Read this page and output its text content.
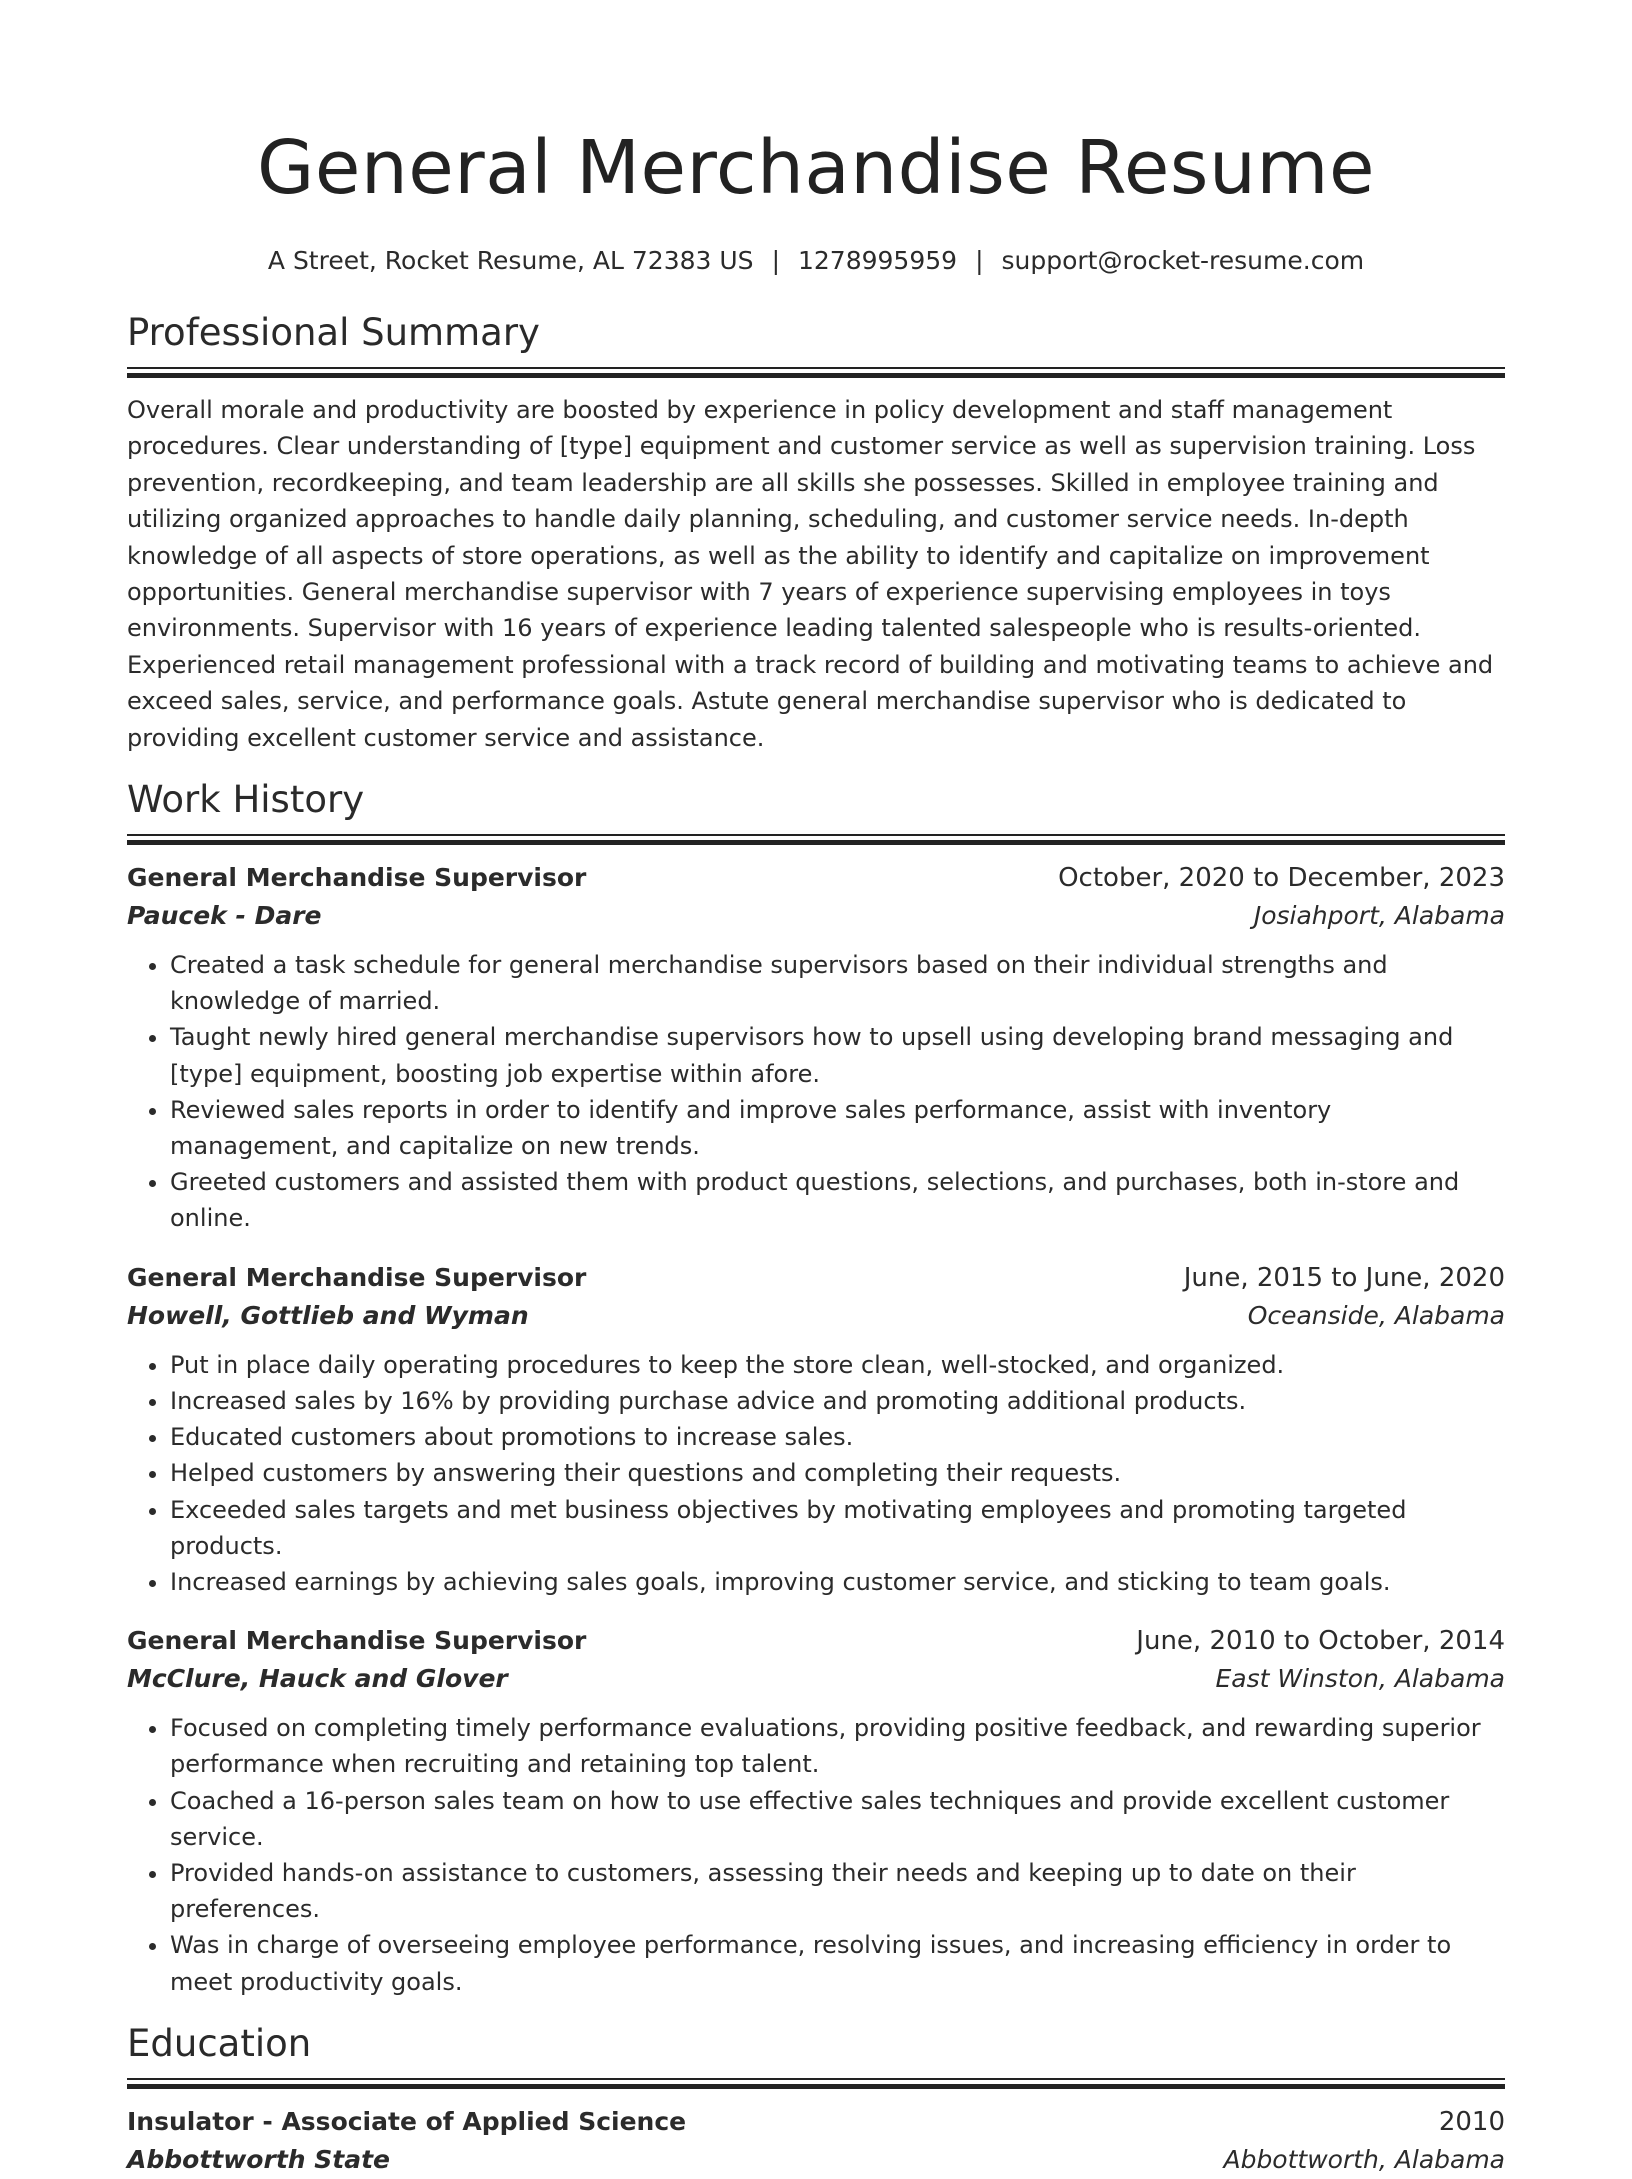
General Merchandise Resume
A Street, Rocket Resume, AL 72383 US | 1278995959 | support@rocket-resume.com
Professional Summary
Overall morale and productivity are boosted by experience in policy development and staff management procedures. Clear understanding of [type] equipment and customer service as well as supervision training. Loss prevention, recordkeeping, and team leadership are all skills she possesses. Skilled in employee training and utilizing organized approaches to handle daily planning, scheduling, and customer service needs. In-depth knowledge of all aspects of store operations, as well as the ability to identify and capitalize on improvement opportunities. General merchandise supervisor with 7 years of experience supervising employees in toys environments. Supervisor with 16 years of experience leading talented salespeople who is results-oriented. Experienced retail management professional with a track record of building and motivating teams to achieve and exceed sales, service, and performance goals. Astute general merchandise supervisor who is dedicated to providing excellent customer service and assistance.
Work History
General Merchandise Supervisor	October, 2020 to December, 2023
Paucek - Dare	Josiahport, Alabama
• Created a task schedule for general merchandise supervisors based on their individual strengths and knowledge of married.
• Taught newly hired general merchandise supervisors how to upsell using developing brand messaging and [type] equipment, boosting job expertise within afore.
• Reviewed sales reports in order to identify and improve sales performance, assist with inventory management, and capitalize on new trends.
• Greeted customers and assisted them with product questions, selections, and purchases, both in-store and online.
General Merchandise Supervisor	June, 2015 to June, 2020
Howell, Gottlieb and Wyman	Oceanside, Alabama
• Put in place daily operating procedures to keep the store clean, well-stocked, and organized.
• Increased sales by 16% by providing purchase advice and promoting additional products.
• Educated customers about promotions to increase sales.
• Helped customers by answering their questions and completing their requests.
• Exceeded sales targets and met business objectives by motivating employees and promoting targeted products.
• Increased earnings by achieving sales goals, improving customer service, and sticking to team goals.
General Merchandise Supervisor	June, 2010 to October, 2014
McClure, Hauck and Glover	East Winston, Alabama
• Focused on completing timely performance evaluations, providing positive feedback, and rewarding superior performance when recruiting and retaining top talent.
• Coached a 16-person sales team on how to use effective sales techniques and provide excellent customer service.
• Provided hands-on assistance to customers, assessing their needs and keeping up to date on their preferences.
• Was in charge of overseeing employee performance, resolving issues, and increasing efficiency in order to meet productivity goals.
Education
Insulator - Associate of Applied Science	2010
Abbottworth State	Abbottworth, Alabama
